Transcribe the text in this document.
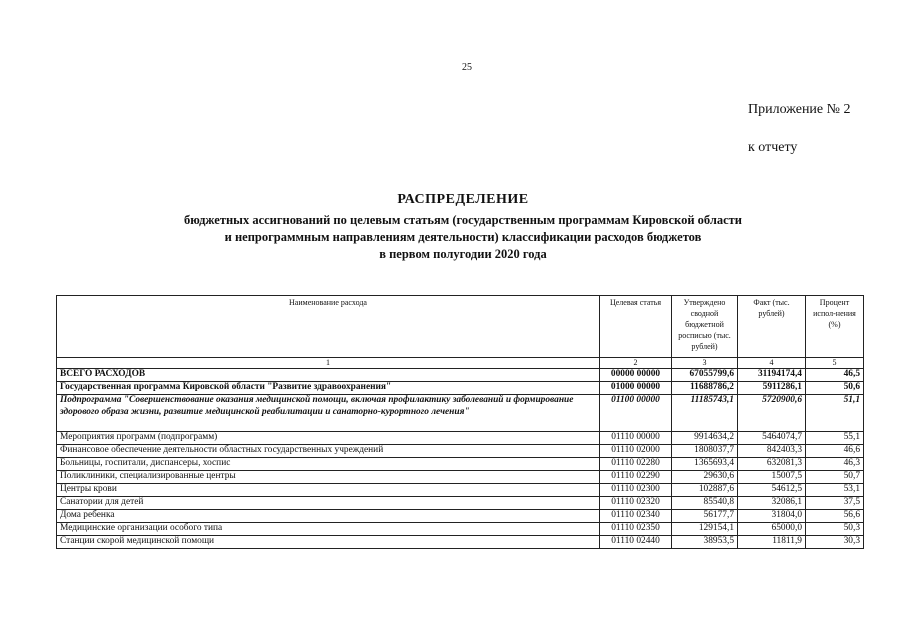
25
Приложение № 2
к отчету
РАСПРЕДЕЛЕНИЕ
бюджетных ассигнований по целевым статьям (государственным программам Кировской области
и непрограммным направлениям деятельности) классификации расходов бюджетов
в первом полугодии 2020 года
Наименование расхода	Целевая статья	Утверждено сводной бюджетной росписью (тыс. рублей)	Факт (тыс. рублей)	Процент испол-нения (%)
1	2	3	4	5
ВСЕГО РАСХОДОВ	00000 00000	67055799,6	31194174,4	46,5
Государственная программа Кировской области "Развитие здравоохранения"	01000 00000	11688786,2	5911286,1	50,6
Подпрограмма "Совершенствование оказания медицинской помощи, включая профилактику заболеваний и формирование здорового образа жизни, развитие медицинской реабилитации и санаторно-курортного лечения"	01100 00000	11185743,1	5720900,6	51,1
Мероприятия программ (подпрограмм)	01110 00000	9914634,2	5464074,7	55,1
Финансовое обеспечение деятельности областных государственных учреждений	01110 02000	1808037,7	842403,3	46,6
Больницы, госпитали, диспансеры, хоспис	01110 02280	1365693,4	632081,3	46,3
Поликлиники, специализированные центры	01110 02290	29630,6	15007,5	50,7
Центры крови	01110 02300	102887,6	54612,5	53,1
Санатории для детей	01110 02320	85540,8	32086,1	37,5
Дома ребенка	01110 02340	56177,7	31804,0	56,6
Медицинские организации особого типа	01110 02350	129154,1	65000,0	50,3
Станции скорой медицинской помощи	01110 02440	38953,5	11811,9	30,3
